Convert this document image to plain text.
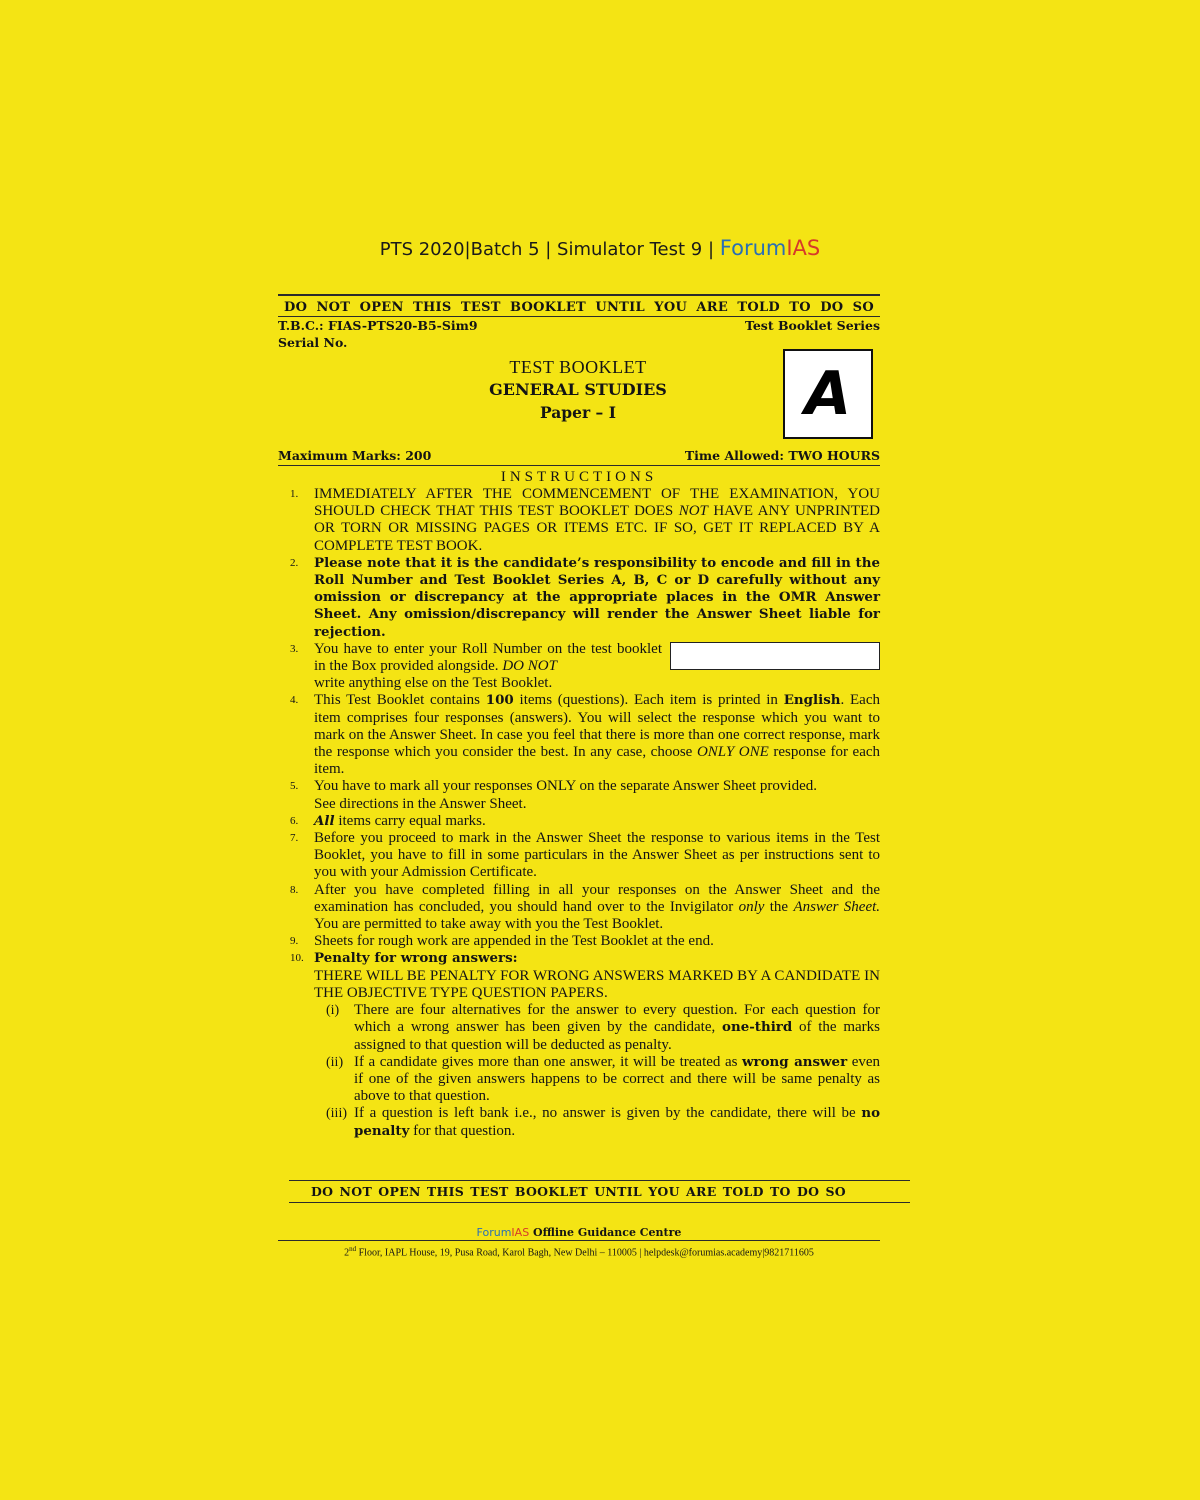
PTS 2020|Batch 5 | Simulator Test 9 | ForumIAS
DO NOT OPEN THIS TEST BOOKLET UNTIL YOU ARE TOLD TO DO SO
T.B.C.: FIAS-PTS20-B5-Sim9	Test Booklet Series
Serial No.
TEST BOOKLET
GENERAL STUDIES
Paper – I	A
Maximum Marks: 200	Time Allowed: TWO HOURS
INSTRUCTIONS
1.	IMMEDIATELY AFTER THE COMMENCEMENT OF THE EXAMINATION, YOU SHOULD CHECK THAT THIS TEST BOOKLET DOES NOT HAVE ANY UNPRINTED OR TORN OR MISSING PAGES OR ITEMS ETC. IF SO, GET IT REPLACED BY A COMPLETE TEST BOOK.
2.	Please note that it is the candidate’s responsibility to encode and fill in the Roll Number and Test Booklet Series A, B, C or D carefully without any omission or discrepancy at the appropriate places in the OMR Answer Sheet. Any omission/discrepancy will render the Answer Sheet liable for rejection.
3.	You have to enter your Roll Number on the test booklet in the Box provided alongside. DO NOT
write anything else on the Test Booklet.
4.	This Test Booklet contains 100 items (questions). Each item is printed in English. Each item comprises four responses (answers). You will select the response which you want to mark on the Answer Sheet. In case you feel that there is more than one correct response, mark the response which you consider the best. In any case, choose ONLY ONE response for each item.
5.	You have to mark all your responses ONLY on the separate Answer Sheet provided.
See directions in the Answer Sheet.
6.	All items carry equal marks.
7.	Before you proceed to mark in the Answer Sheet the response to various items in the Test Booklet, you have to fill in some particulars in the Answer Sheet as per instructions sent to you with your Admission Certificate.
8.	After you have completed filling in all your responses on the Answer Sheet and the examination has concluded, you should hand over to the Invigilator only the Answer Sheet. You are permitted to take away with you the Test Booklet.
9.	Sheets for rough work are appended in the Test Booklet at the end.
10. Penalty for wrong answers:
THERE WILL BE PENALTY FOR WRONG ANSWERS MARKED BY A CANDIDATE IN THE OBJECTIVE TYPE QUESTION PAPERS.
(i) There are four alternatives for the answer to every question. For each question for which a wrong answer has been given by the candidate, one-third of the marks assigned to that question will be deducted as penalty.
(ii) If a candidate gives more than one answer, it will be treated as wrong answer even if one of the given answers happens to be correct and there will be same penalty as above to that question.
(iii) If a question is left bank i.e., no answer is given by the candidate, there will be no penalty for that question.
DO NOT OPEN THIS TEST BOOKLET UNTIL YOU ARE TOLD TO DO SO
ForumIAS Offline Guidance Centre
2nd Floor, IAPL House, 19, Pusa Road, Karol Bagh, New Delhi – 110005 | helpdesk@forumias.academy|9821711605
